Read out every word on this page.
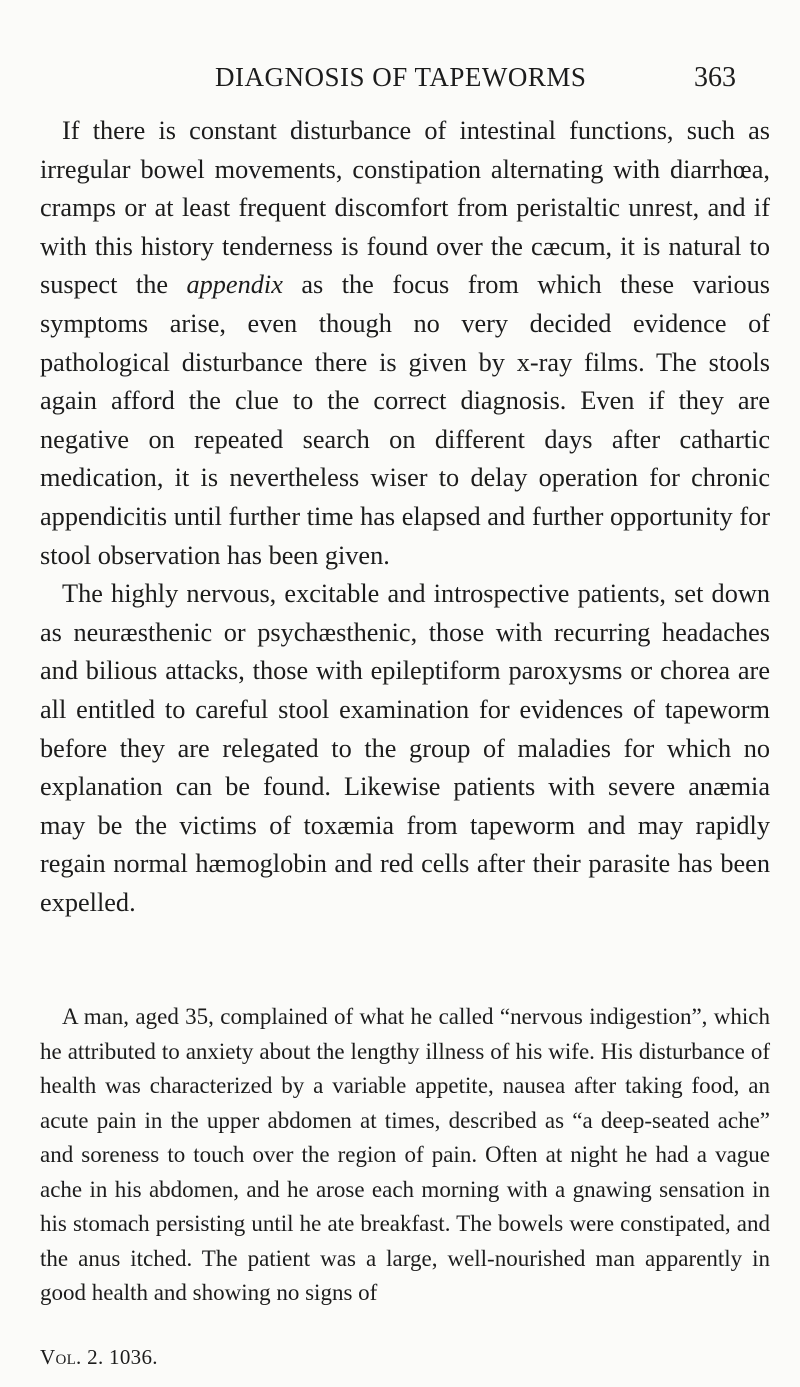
DIAGNOSIS OF TAPEWORMS	363

If there is constant disturbance of intestinal functions, such as irregular bowel movements, constipation alternating with diarrhœa, cramps or at least frequent discomfort from peristaltic unrest, and if with this history tenderness is found over the cæcum, it is natural to suspect the appendix as the focus from which these various symptoms arise, even though no very decided evidence of pathological disturbance there is given by x-ray films. The stools again afford the clue to the correct diagnosis. Even if they are negative on repeated search on different days after cathartic medication, it is nevertheless wiser to delay operation for chronic appendicitis until further time has elapsed and further opportunity for stool observation has been given.

The highly nervous, excitable and introspective patients, set down as neuræsthenic or psychæsthenic, those with recurring headaches and bilious attacks, those with epileptiform paroxysms or chorea are all entitled to careful stool examination for evidences of tapeworm before they are relegated to the group of maladies for which no explanation can be found. Likewise patients with severe anæmia may be the victims of toxæmia from tapeworm and may rapidly regain normal hæmoglobin and red cells after their parasite has been expelled.

A man, aged 35, complained of what he called “nervous indigestion”, which he attributed to anxiety about the lengthy illness of his wife. His disturbance of health was characterized by a variable appetite, nausea after taking food, an acute pain in the upper abdomen at times, described as “a deep-seated ache” and soreness to touch over the region of pain. Often at night he had a vague ache in his abdomen, and he arose each morning with a gnawing sensation in his stomach persisting until he ate breakfast. The bowels were constipated, and the anus itched. The patient was a large, well-nourished man apparently in good health and showing no signs of

Vol. 2. 1036.
